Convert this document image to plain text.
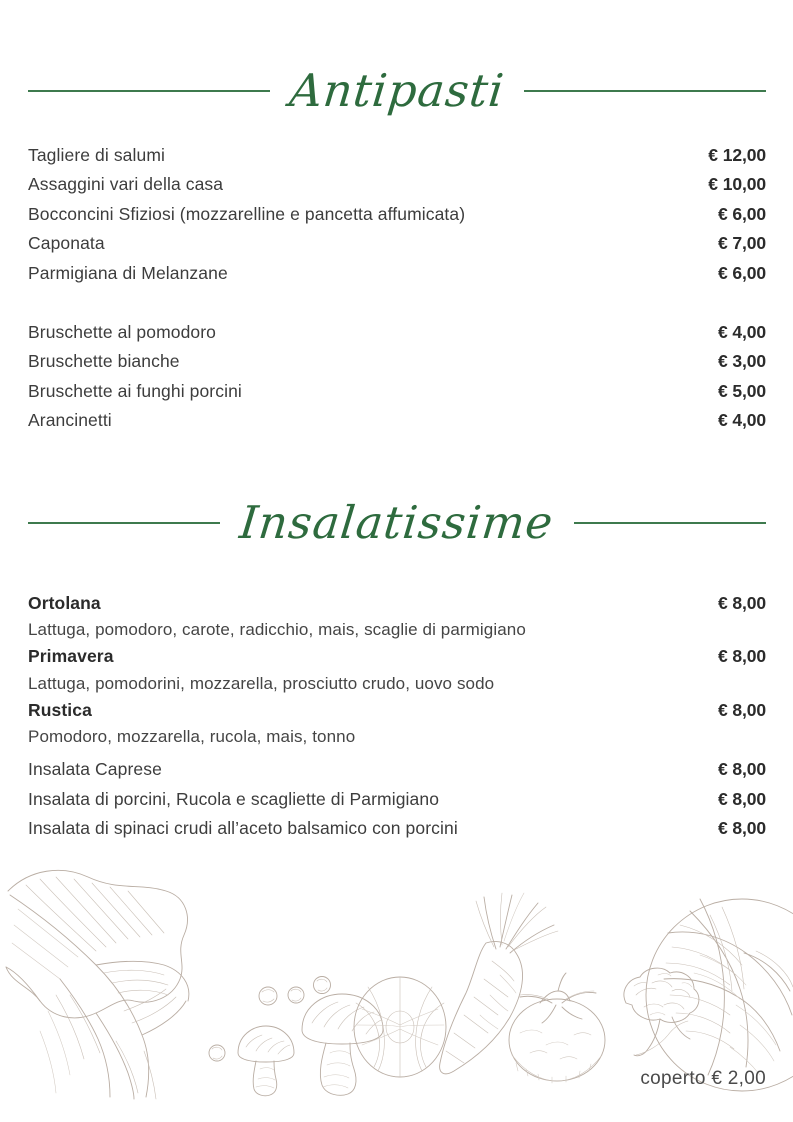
Antipasti
Tagliere di salumi	€ 12,00
Assaggini vari della casa	€ 10,00
Bocconcini Sfiziosi (mozzarelline e pancetta affumicata)	€ 6,00
Caponata	€ 7,00
Parmigiana di Melanzane	€ 6,00
Bruschette al pomodoro	€ 4,00
Bruschette bianche	€ 3,00
Bruschette ai funghi porcini	€ 5,00
Arancinetti	€ 4,00
Insalatissime
Ortolana	€ 8,00
Lattuga, pomodoro, carote, radicchio, mais, scaglie di parmigiano
Primavera	€ 8,00
Lattuga, pomodorini, mozzarella, prosciutto crudo, uovo sodo
Rustica	€ 8,00
Pomodoro, mozzarella, rucola, mais, tonno
Insalata Caprese	€ 8,00
Insalata di porcini, Rucola e scagliette di Parmigiano	€ 8,00
Insalata di spinaci crudi all’aceto balsamico con porcini	€ 8,00
coperto € 2,00
